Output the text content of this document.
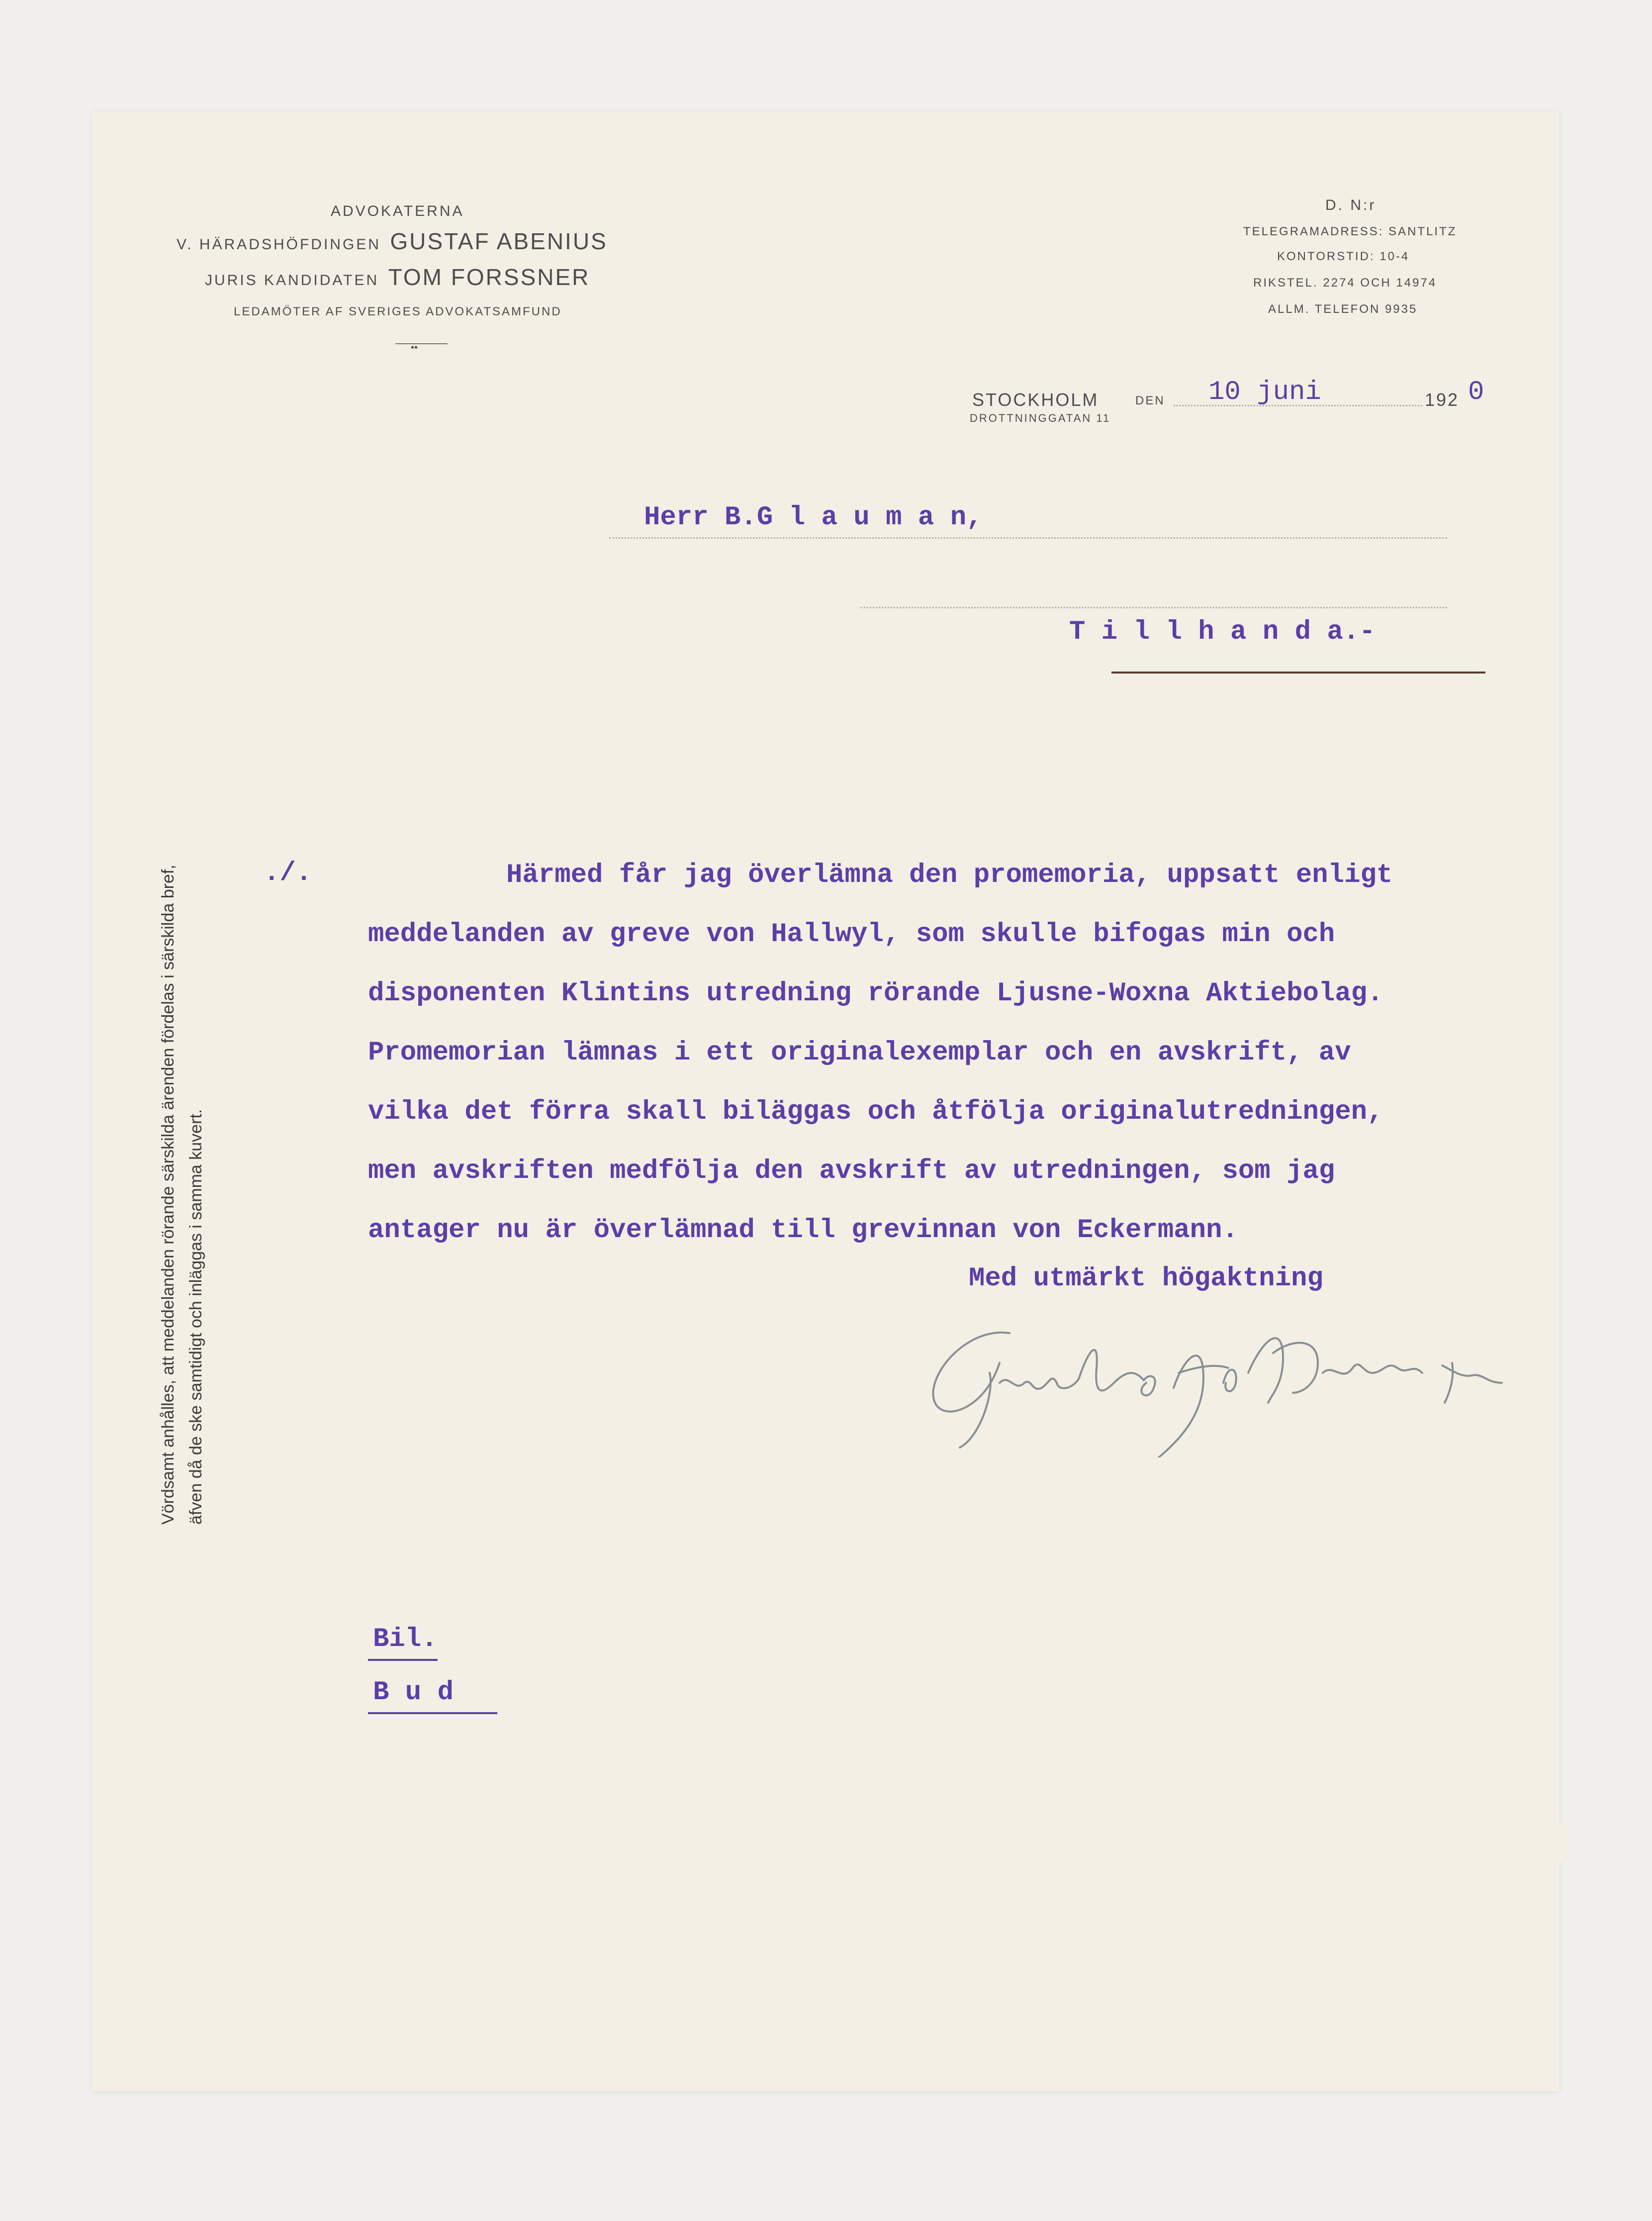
ADVOKATERNA
V. HÄRADSHÖFDINGEN GUSTAF ABENIUS
JURIS KANDIDATEN TOM FORSSNER
LEDAMÖTER AF SVERIGES ADVOKATSAMFUND
••
D. N:r
TELEGRAMADRESS: SANTLITZ
KONTORSTID: 10-4
RIKSTEL. 2274 OCH 14974
ALLM. TELEFON 9935
STOCKHOLM	DEN
DROTTNINGGATAN 11
10 juni	192 0
Herr B.G l a u m a n,
T i l l h a n d a.-
Vördsamt anhålles, att meddelanden rörande särskilda ärenden fördelas i särskilda bref, äfven då de ske samtidigt och inläggas i samma kuvert.
./.	Härmed får jag överlämna den promemoria, uppsatt enligt
meddelanden av greve von Hallwyl, som skulle bifogas min och
disponenten Klintins utredning rörande Ljusne-Woxna Aktiebolag.
Promemorian lämnas i ett originalexemplar och en avskrift, av
vilka det förra skall biläggas och åtfölja originalutredningen,
men avskriften medfölja den avskrift av utredningen, som jag
antager nu är överlämnad till grevinnan von Eckermann.
Med utmärkt högaktning
Bil.
B u d
